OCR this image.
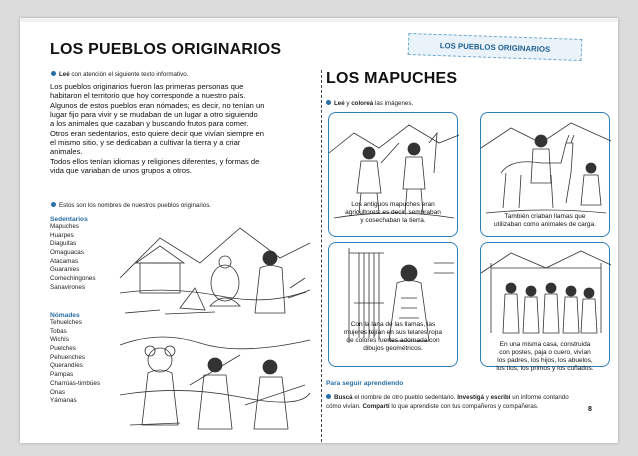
LOS PUEBLOS ORIGINARIOS
Leé con atención el siguiente texto informativo.
Los pueblos originarios fueron las primeras personas que
habitaron el territorio que hoy corresponde a nuestro país.
Algunos de estos pueblos eran nómades; es decir, no tenían un
lugar fijo para vivir y se mudaban de un lugar a otro siguiendo
a los animales que cazaban y buscando frutos para comer.
Otros eran sedentarios, esto quiere decir que vivían siempre en
el mismo sitio, y se dedicaban a cultivar la tierra y a criar
animales.
Todos ellos tenían idiomas y religiones diferentes, y formas de
vida que variaban de unos grupos a otros.
Estos son los nombres de nuestros pueblos originarios.
Sedentarios
Mapuches
Huarpes
Diaguitas
Omaguacas
Atacamas
Guaraníes
Comechingones
Sanavirones
Nómades
Tehuelches
Tobas
Wichís
Puelches
Pehuenches
Querandíes
Pampas
Charrúas-timbúes
Onas
Yámanas
LOS PUEBLOS ORIGINARIOS
LOS MAPUCHES
Leé y coloreá las imágenes.
Los antiguos mapuches eran
agricultores: es decir, sembraban
y cosechaban la tierra.
También criaban llamas que
utilizaban como animales de carga.
Con la lana de las llamas, las
mujeres tejían en sus telares ropa
de colores fuertes adornada con
dibujos geométricos.
En una misma casa, construida
con postes, paja o cuero, vivían
los padres, los hijos, los abuelos,
los tíos, los primos y los cuñados.
Para seguir aprendiendo
Buscá el nombre de otro pueblo sedentario. Investigá y escribí un informe contando
cómo vivían. Compartí lo que aprendiste con tus compañeros y compañeras.	8
